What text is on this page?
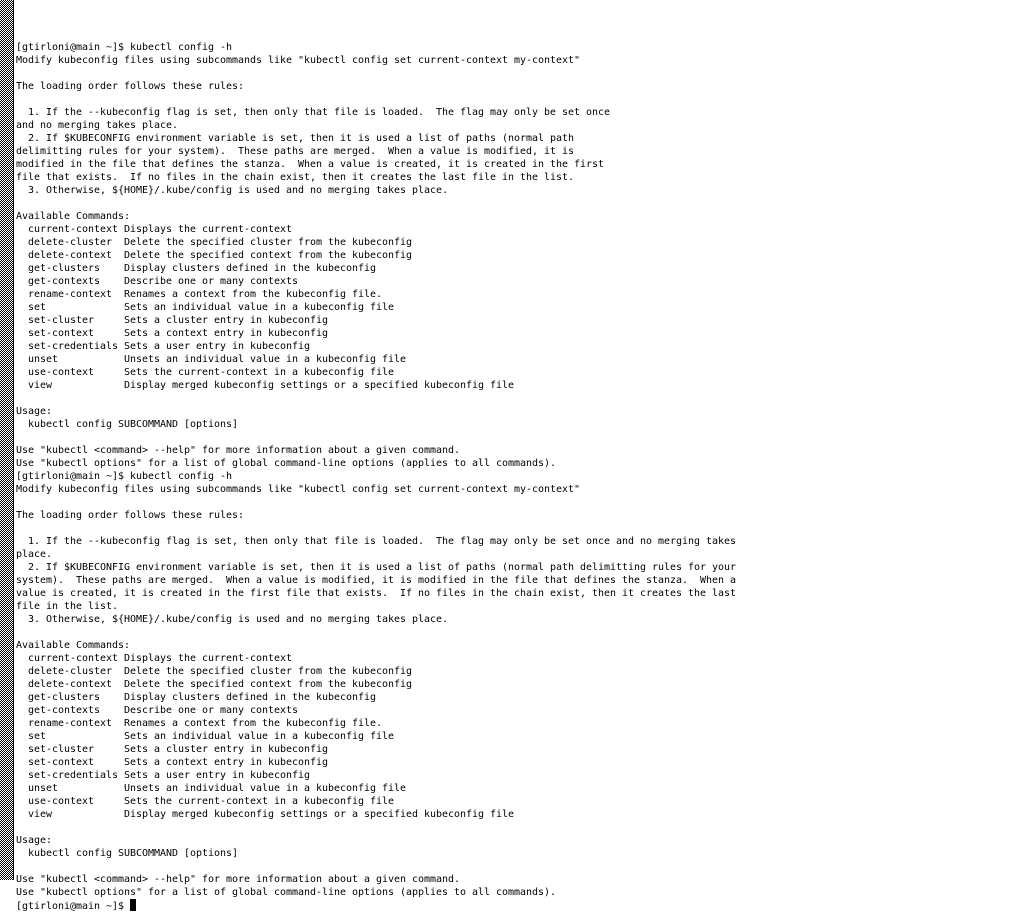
[gtirloni@main ~]$ kubectl config -h
Modify kubeconfig files using subcommands like "kubectl config set current-context my-context"
The loading order follows these rules:
1. If the --kubeconfig flag is set, then only that file is loaded.  The flag may only be set once
and no merging takes place.
2. If $KUBECONFIG environment variable is set, then it is used a list of paths (normal path
delimitting rules for your system).  These paths are merged.  When a value is modified, it is
modified in the file that defines the stanza.  When a value is created, it is created in the first
file that exists.  If no files in the chain exist, then it creates the last file in the list.
3. Otherwise, ${HOME}/.kube/config is used and no merging takes place.
Available Commands:
current-context Displays the current-context
delete-cluster  Delete the specified cluster from the kubeconfig
delete-context  Delete the specified context from the kubeconfig
get-clusters    Display clusters defined in the kubeconfig
get-contexts    Describe one or many contexts
rename-context  Renames a context from the kubeconfig file.
set             Sets an individual value in a kubeconfig file
set-cluster     Sets a cluster entry in kubeconfig
set-context     Sets a context entry in kubeconfig
set-credentials Sets a user entry in kubeconfig
unset           Unsets an individual value in a kubeconfig file
use-context     Sets the current-context in a kubeconfig file
view            Display merged kubeconfig settings or a specified kubeconfig file
Usage:
kubectl config SUBCOMMAND [options]
Use "kubectl <command> --help" for more information about a given command.
Use "kubectl options" for a list of global command-line options (applies to all commands).
[gtirloni@main ~]$ kubectl config -h
Modify kubeconfig files using subcommands like "kubectl config set current-context my-context"
The loading order follows these rules:
1. If the --kubeconfig flag is set, then only that file is loaded.  The flag may only be set once and no merging takes
place.
2. If $KUBECONFIG environment variable is set, then it is used a list of paths (normal path delimitting rules for your
system).  These paths are merged.  When a value is modified, it is modified in the file that defines the stanza.  When a
value is created, it is created in the first file that exists.  If no files in the chain exist, then it creates the last
file in the list.
3. Otherwise, ${HOME}/.kube/config is used and no merging takes place.
Available Commands:
current-context Displays the current-context
delete-cluster  Delete the specified cluster from the kubeconfig
delete-context  Delete the specified context from the kubeconfig
get-clusters    Display clusters defined in the kubeconfig
get-contexts    Describe one or many contexts
rename-context  Renames a context from the kubeconfig file.
set             Sets an individual value in a kubeconfig file
set-cluster     Sets a cluster entry in kubeconfig
set-context     Sets a context entry in kubeconfig
set-credentials Sets a user entry in kubeconfig
unset           Unsets an individual value in a kubeconfig file
use-context     Sets the current-context in a kubeconfig file
view            Display merged kubeconfig settings or a specified kubeconfig file
Usage:
kubectl config SUBCOMMAND [options]
Use "kubectl <command> --help" for more information about a given command.
Use "kubectl options" for a list of global command-line options (applies to all commands).
[gtirloni@main ~]$
